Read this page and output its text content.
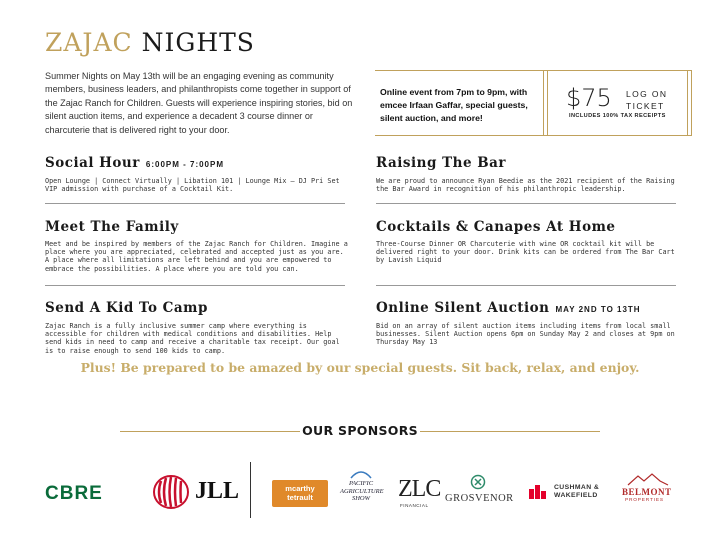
ZAJAC NIGHTS
Summer Nights on May 13th will be an engaging evening as community members, business leaders, and philanthropists come together in support of the Zajac Ranch for Children. Guests will experience inspiring stories, bid on silent auction items, and experience a decadent 3 course dinner or charcuterie that is delivered right to your door.
Online event from 7pm to 9pm, with emcee Irfaan Gaffar, special guests, silent auction, and more!
$75 LOG ON
TICKET
INCLUDES 100% TAX RECEIPTS
Social Hour 6:00PM - 7:00PM
Open Lounge | Connect Virtually | Libation 101 | Lounge Mix – DJ Pri Set VIP admission with purchase of a Cocktail Kit.
Meet The Family
Meet and be inspired by members of the Zajac Ranch for Children. Imagine a place where you are appreciated, celebrated and accepted just as you are. A place where all limitations are left behind and you are empowered to embrace the possibilities. A place where you are told you can.
Send A Kid To Camp
Zajac Ranch is a fully inclusive summer camp where everything is accessible for children with medical conditions and disabilities. Help send kids in need to camp and receive a charitable tax receipt. Our goal is to raise enough to send 100 kids to camp.
Raising The Bar
We are proud to announce Ryan Beedie as the 2021 recipient of the Raising the Bar Award in recognition of his philanthropic leadership.
Cocktails & Canapes At Home
Three-Course Dinner OR Charcuterie with wine OR cocktail kit will be delivered right to your door. Drink kits can be ordered from The Bar Cart by Lavish Liquid
Online Silent Auction MAY 2ND TO 13TH
Bid on an array of silent auction items including items from local small businesses. Silent Auction opens 6pm on Sunday May 2 and closes at 9pm on Thursday May 13
Plus! Be prepared to be amazed by our special guests. Sit back, relax, and enjoy.
OUR SPONSORS
CBRE	JLL	mcarthy
tetrault
PACIFIC AGRICULTURE SHOW	ZLC
FINANCIAL
GROSVENOR
CUSHMAN &
WAKEFIELD	BELMONT
PROPERTIES
